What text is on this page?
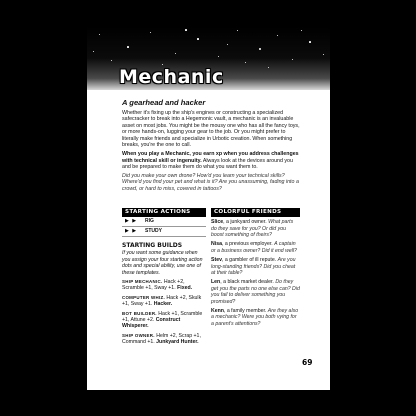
Mechanic
A gearhead and hacker

Whether it's fixing up the ship's engines or constructing a specialized safecracker to break into a Hegemonic vault, a mechanic is an invaluable asset on most jobs. You might be the mousy one who has all the fancy toys, or more hands-on, lugging your gear to the job. Or you might prefer to literally make friends and specialize in Urbotic creation. When something breaks, you're the one to call.

When you play a Mechanic, you earn xp when you address challenges with technical skill or ingenuity. Always look at the devices around you and be prepared to make them do what you want them to.

Did you make your own drone? How'd you learn your technical skills? Where'd you find your pet and what is it? Are you unassuming, fading into a crowd, or hard to miss, covered in tattoos?

STARTING ACTIONS
▶ ▶	RIG
▶ ▶	STUDY
STARTING BUILDS
If you want some guidance when you assign your four starting action dots and special ability, use one of these templates.
SHIP MECHANIC. Hack +2, Scramble +1, Sway +1. Fixed.
COMPUTER WHIZ. Hack +2, Skulk +1, Sway +1. Hacker.
BOT BUILDER. Hack +1, Scramble +1, Attune +2. Construct Whisperer.
SHIP OWNER. Helm +2, Scrap +1, Command +1. Junkyard Hunter.
COLORFUL FRIENDS
Slice, a junkyard owner. What parts do they save for you? Or did you boost something of theirs?
Nisa, a previous employer. A captain or a business owner? Did it end well?
Stev, a gambler of ill repute. Are you long-standing friends? Did you cheat at their table?
Len, a black market dealer. Do they get you the parts no one else can? Did you fail to deliver something you promised?
Kenn, a family member. Are they also a mechanic? Were you both vying for a parent's attentions?
69
